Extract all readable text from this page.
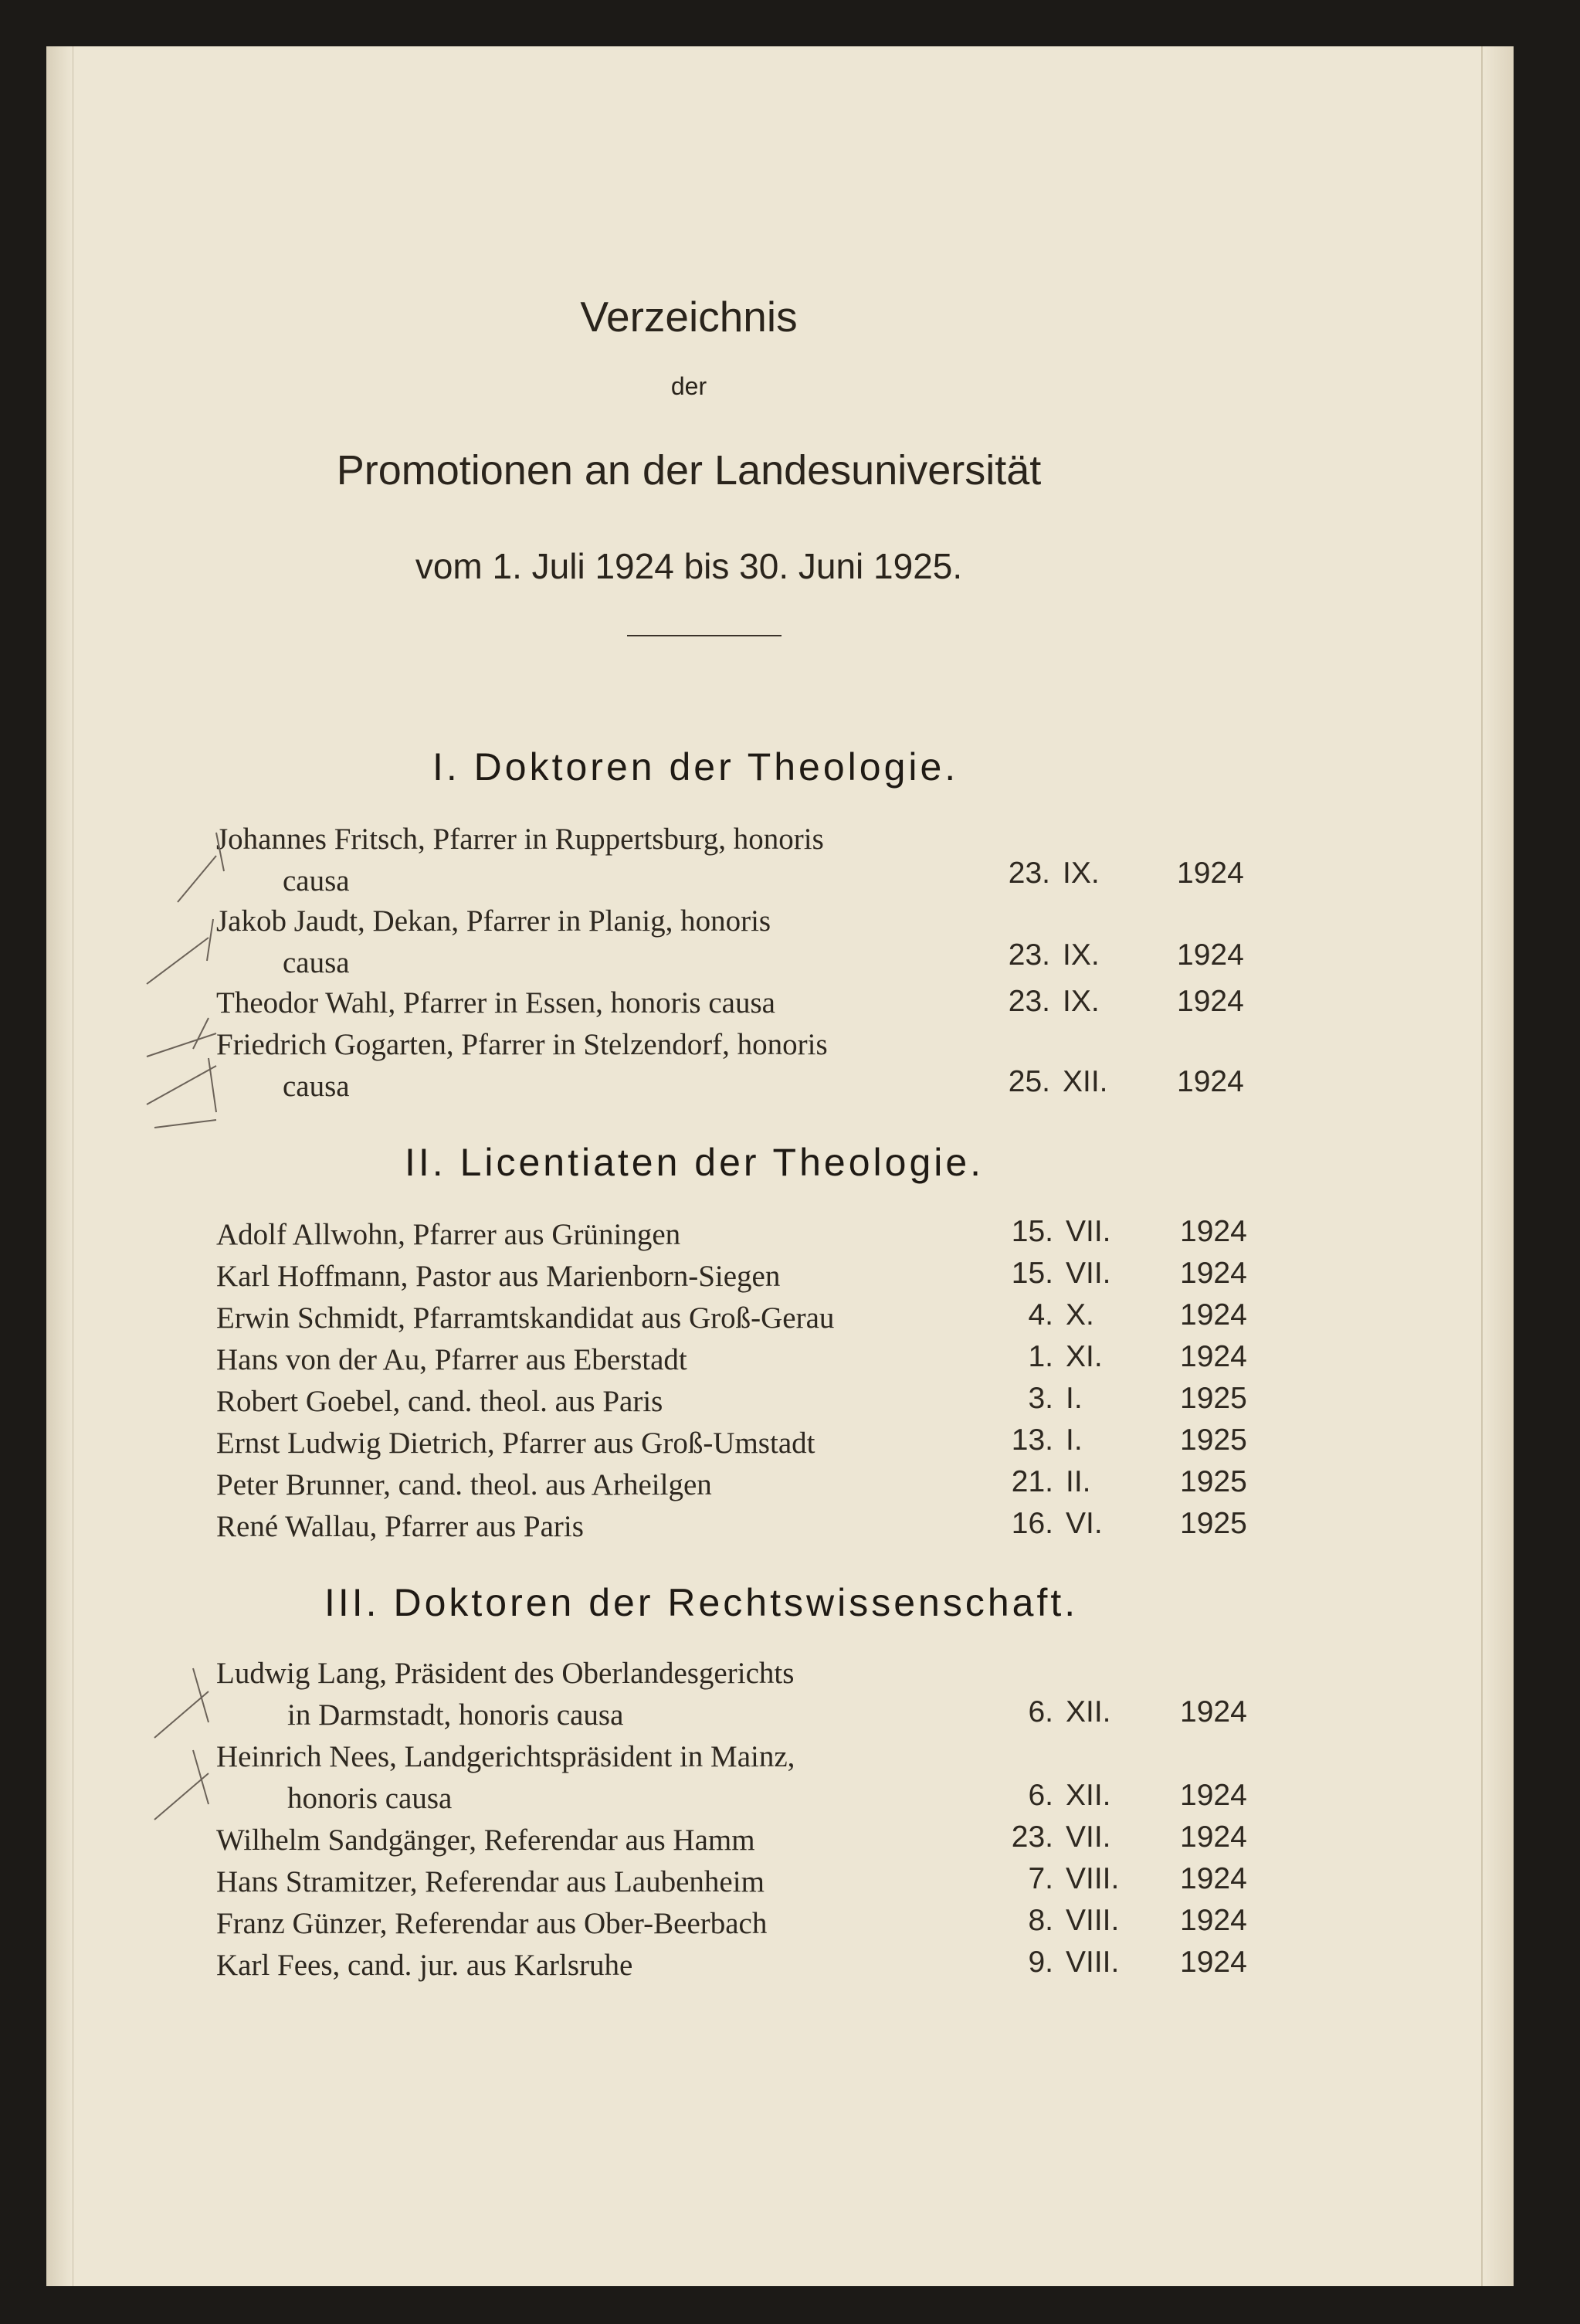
Verzeichnis
der
Promotionen an der Landesuniversität
vom 1. Juli 1924 bis 30. Juni 1925.
I. Doktoren der Theologie.
Johannes Fritsch, Pfarrer in Ruppertsburg, honoris
causa	23. IX.	1924
Jakob Jaudt, Dekan, Pfarrer in Planig, honoris
causa	23. IX.	1924
Theodor Wahl, Pfarrer in Essen, honoris causa	23. IX.	1924
Friedrich Gogarten, Pfarrer in Stelzendorf, honoris
causa	25. XII. 1924
II. Licentiaten der Theologie.
Adolf Allwohn, Pfarrer aus Grüningen	15. VII. 1924
Karl Hoffmann, Pastor aus Marienborn-Siegen	15. VII. 1924
Erwin Schmidt, Pfarramtskandidat aus Groß-Gerau	4. X.	1924
Hans von der Au, Pfarrer aus Eberstadt	1. XI.	1924
Robert Goebel, cand. theol. aus Paris	3. I.	1925
Ernst Ludwig Dietrich, Pfarrer aus Groß-Umstadt	13. I.	1925
Peter Brunner, cand. theol. aus Arheilgen	21. II.	1925
René Wallau, Pfarrer aus Paris	16. VI.	1925
III. Doktoren der Rechtswissenschaft.
Ludwig Lang, Präsident des Oberlandesgerichts
in Darmstadt, honoris causa	6. XII. 1924
Heinrich Nees, Landgerichtspräsident in Mainz,
honoris causa	6. XII. 1924
Wilhelm Sandgänger, Referendar aus Hamm	23. VII. 1924
Hans Stramitzer, Referendar aus Laubenheim	7. VIII. 1924
Franz Günzer, Referendar aus Ober-Beerbach	8. VIII. 1924
Karl Fees, cand. jur. aus Karlsruhe	9. VIII. 1924
